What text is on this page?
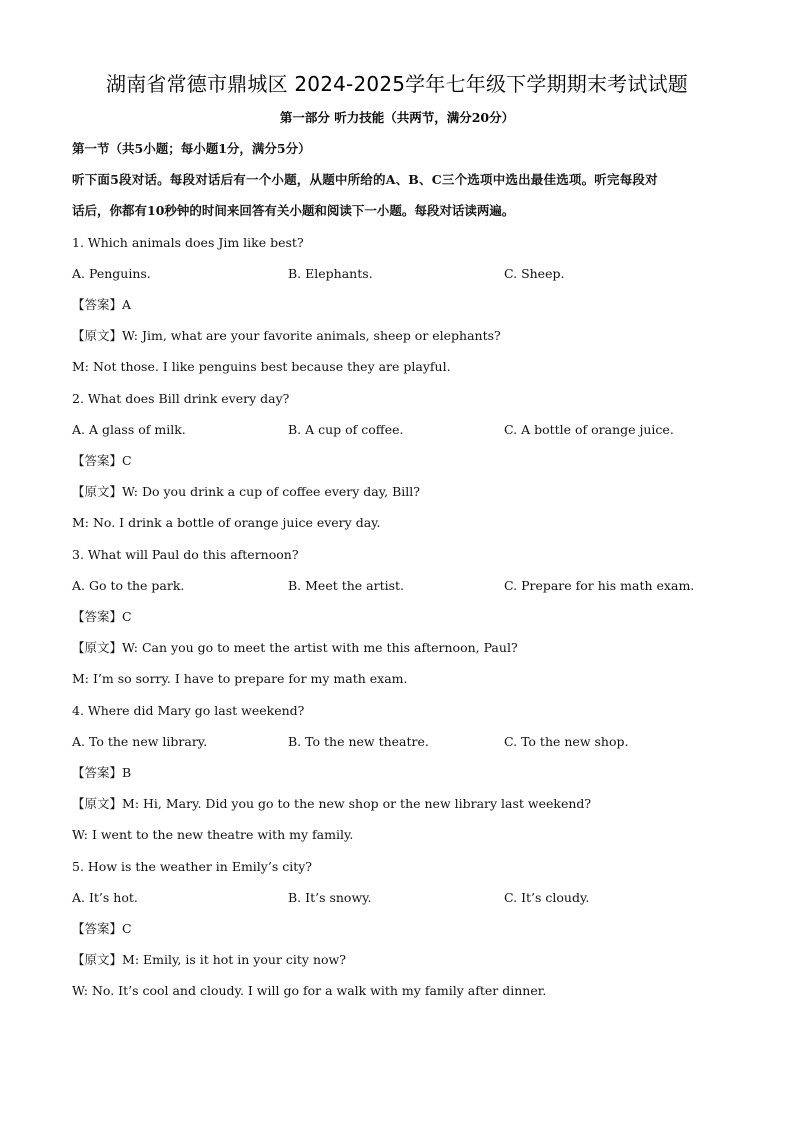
湖南省常德市鼎城区 2024-2025学年七年级下学期期末考试试题
第一部分 听力技能（共两节，满分20分）
第一节（共5小题；每小题1分，满分5分）
听下面5段对话。每段对话后有一个小题，从题中所给的A、B、C三个选项中选出最佳选项。听完每段对
话后，你都有10秒钟的时间来回答有关小题和阅读下一小题。每段对话读两遍。
1. Which animals does Jim like best?
A. Penguins.	B. Elephants.	C. Sheep.
【答案】A
【原文】W: Jim, what are your favorite animals, sheep or elephants?
M: Not those. I like penguins best because they are playful.
2. What does Bill drink every day?
A. A glass of milk.	B. A cup of coffee.	C. A bottle of orange juice.
【答案】C
【原文】W: Do you drink a cup of coffee every day, Bill?
M: No. I drink a bottle of orange juice every day.
3. What will Paul do this afternoon?
A. Go to the park.	B. Meet the artist.	C. Prepare for his math exam.
【答案】C
【原文】W: Can you go to meet the artist with me this afternoon, Paul?
M: I’m so sorry. I have to prepare for my math exam.
4. Where did Mary go last weekend?
A. To the new library.	B. To the new theatre.	C. To the new shop.
【答案】B
【原文】M: Hi, Mary. Did you go to the new shop or the new library last weekend?
W: I went to the new theatre with my family.
5. How is the weather in Emily’s city?
A. It’s hot.	B. It’s snowy.	C. It’s cloudy.
【答案】C
【原文】M: Emily, is it hot in your city now?
W: No. It’s cool and cloudy. I will go for a walk with my family after dinner.
